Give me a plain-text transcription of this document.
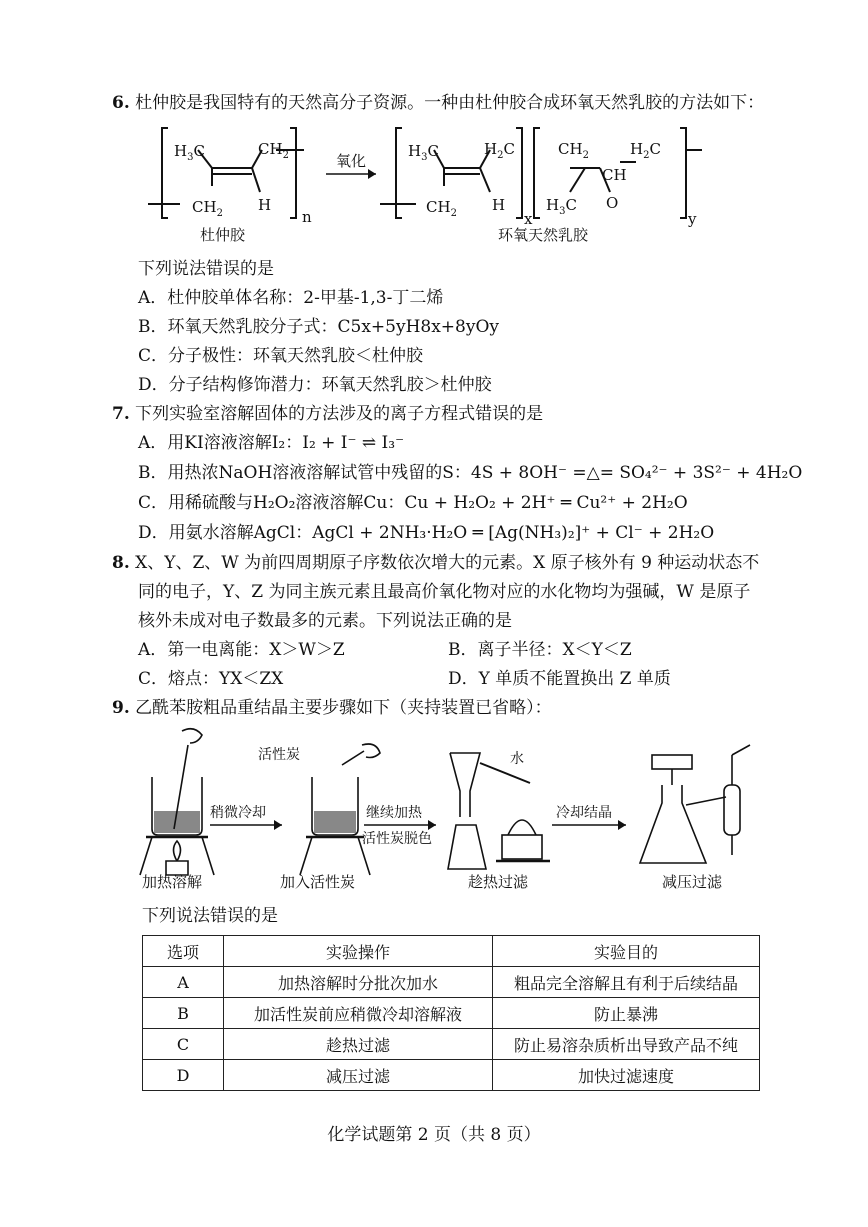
6. 杜仲胶是我国特有的天然高分子资源。一种由杜仲胶合成环氧天然乳胶的方法如下：
$H_3C$	$CH_2$
$CH_2$ H
n
杜仲胶
氧化
$H_3C$	$H_2C$
$CH_2$ H
x
$CH_2$	$H_2C$
CH
$H_3C$ O
y
环氧天然乳胶
下列说法错误的是
A．杜仲胶单体名称：2-甲基-1,3-丁二烯
B．环氧天然乳胶分子式：C5x+5yH8x+8yOy
C．分子极性：环氧天然乳胶＜杜仲胶
D．分子结构修饰潜力：环氧天然乳胶＞杜仲胶
7. 下列实验室溶解固体的方法涉及的离子方程式错误的是
A．用KI溶液溶解I₂：I₂ + I⁻ ⇌ I₃⁻
B．用热浓NaOH溶液溶解试管中残留的S：4S + 8OH⁻ =△= SO₄²⁻ + 3S²⁻ + 4H₂O
C．用稀硫酸与H₂O₂溶液溶解Cu：Cu + H₂O₂ + 2H⁺ ═ Cu²⁺ + 2H₂O
D．用氨水溶解AgCl：AgCl + 2NH₃·H₂O ═ [Ag(NH₃)₂]⁺ + Cl⁻ + 2H₂O
8. X、Y、Z、W 为前四周期原子序数依次增大的元素。X 原子核外有 9 种运动状态不
同的电子，Y、Z 为同主族元素且最高价氧化物对应的水化物均为强碱，W 是原子
核外未成对电子数最多的元素。下列说法正确的是
A．第一电离能：X＞W＞Z	B．离子半径：X＜Y＜Z
C．熔点：YX＜ZX	D．Y 单质不能置换出 Z 单质
9. 乙酰苯胺粗品重结晶主要步骤如下（夹持装置已省略）：
加热溶解
稍微冷却
活性炭
加入活性炭
继续加热
活性炭脱色
水
趁热过滤
冷却结晶
减压过滤
下列说法错误的是
选项	实验操作	实验目的
A	加热溶解时分批次加水	粗品完全溶解且有利于后续结晶
B	加活性炭前应稍微冷却溶解液	防止暴沸
C	趁热过滤	防止易溶杂质析出导致产品不纯
D	减压过滤	加快过滤速度
化学试题第 2 页（共 8 页）
